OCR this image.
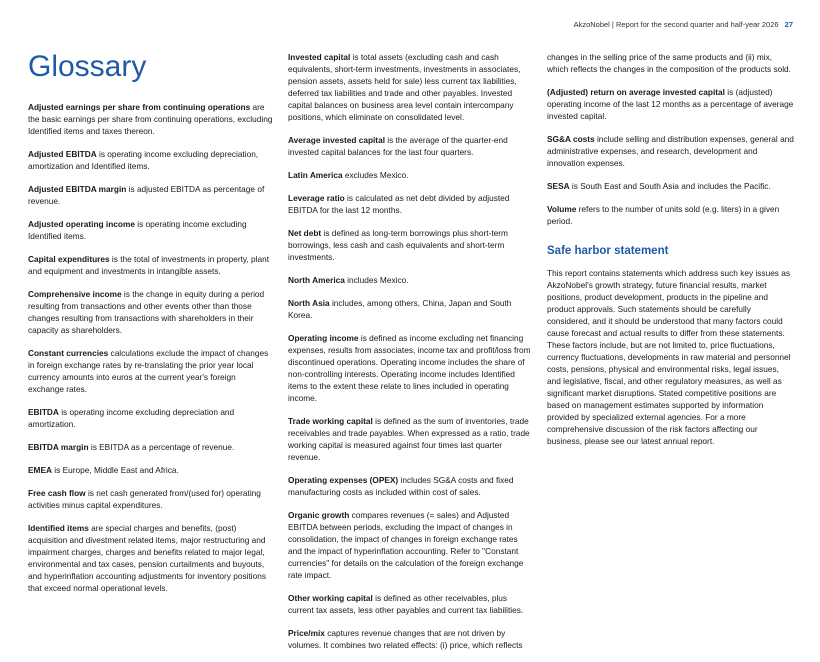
AkzoNobel | Report for the second quarter and half-year 2026 27
Glossary

Adjusted earnings per share from continuing operations are the basic earnings per share from continuing operations, excluding Identified items and taxes thereon.

Adjusted EBITDA is operating income excluding depreciation, amortization and Identified items.

Adjusted EBITDA margin is adjusted EBITDA as percentage of revenue.

Adjusted operating income is operating income excluding Identified items.

Capital expenditures is the total of investments in property, plant and equipment and investments in intangible assets.

Comprehensive income is the change in equity during a period resulting from transactions and other events other than those changes resulting from transactions with shareholders in their capacity as shareholders.

Constant currencies calculations exclude the impact of changes in foreign exchange rates by re-translating the prior year local currency amounts into euros at the current year's foreign exchange rates.

EBITDA is operating income excluding depreciation and amortization.

EBITDA margin is EBITDA as a percentage of revenue.

EMEA is Europe, Middle East and Africa.

Free cash flow is net cash generated from/(used for) operating activities minus capital expenditures.

Identified items are special charges and benefits, (post) acquisition and divestment related items, major restructuring and impairment charges, charges and benefits related to major legal, environmental and tax cases, pension curtailments and buyouts, and hyperinflation accounting adjustments for inventory positions that exceed normal operational levels.

Invested capital is total assets (excluding cash and cash equivalents, short-term investments, investments in associates, pension assets, assets held for sale) less current tax liabilities, deferred tax liabilities and trade and other payables. Invested capital balances on business area level contain intercompany positions, which eliminate on consolidated level.

Average invested capital is the average of the quarter-end invested capital balances for the last four quarters.

Latin America excludes Mexico.

Leverage ratio is calculated as net debt divided by adjusted EBITDA for the last 12 months.

Net debt is defined as long-term borrowings plus short-term borrowings, less cash and cash equivalents and short-term investments.

North America includes Mexico.

North Asia includes, among others, China, Japan and South Korea.

Operating income is defined as income excluding net financing expenses, results from associates, income tax and profit/loss from discontinued operations. Operating income includes the share of non-controlling interests. Operating income includes Identified items to the extent these relate to lines included in operating income.

Trade working capital is defined as the sum of inventories, trade receivables and trade payables. When expressed as a ratio, trade working capital is measured against four times last quarter revenue.

Operating expenses (OPEX) includes SG&A costs and fixed manufacturing costs as included within cost of sales.

Organic growth compares revenues (= sales) and Adjusted EBITDA between periods, excluding the impact of changes in consolidation, the impact of changes in foreign exchange rates and the impact of hyperinflation accounting. Refer to "Constant currencies" for details on the calculation of the foreign exchange rate impact.

Other working capital is defined as other receivables, plus current tax assets, less other payables and current tax liabilities.

Price/mix captures revenue changes that are not driven by volumes. It combines two related effects: (i) price, which reflects

changes in the selling price of the same products and (ii) mix, which reflects the changes in the composition of the products sold.

(Adjusted) return on average invested capital is (adjusted) operating income of the last 12 months as a percentage of average invested capital.

SG&A costs include selling and distribution expenses, general and administrative expenses, and research, development and innovation expenses.

SESA is South East and South Asia and includes the Pacific.

Volume refers to the number of units sold (e.g. liters) in a given period.

Safe harbor statement

This report contains statements which address such key issues as AkzoNobel's growth strategy, future financial results, market positions, product development, products in the pipeline and product approvals. Such statements should be carefully considered, and it should be understood that many factors could cause forecast and actual results to differ from these statements. These factors include, but are not limited to, price fluctuations, currency fluctuations, developments in raw material and personnel costs, pensions, physical and environmental risks, legal issues, and legislative, fiscal, and other regulatory measures, as well as significant market disruptions. Stated competitive positions are based on management estimates supported by information provided by specialized external agencies. For a more comprehensive discussion of the risk factors affecting our business, please see our latest annual report.
